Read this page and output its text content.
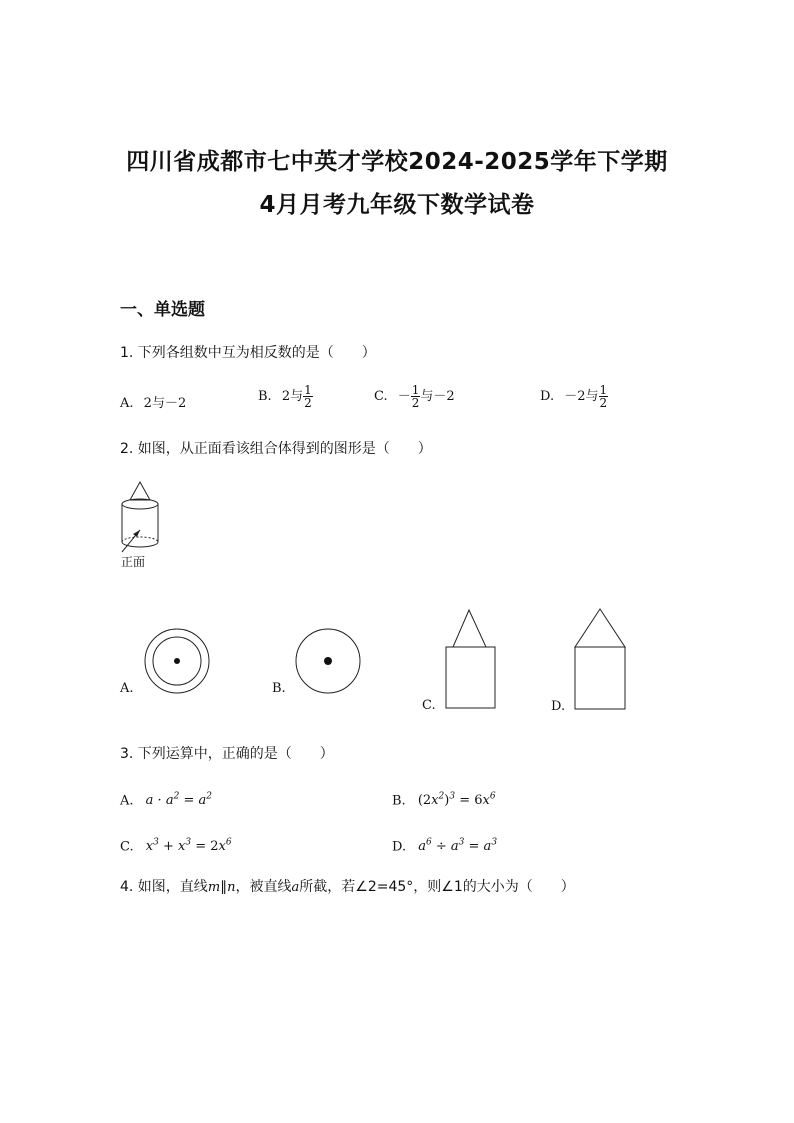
四川省成都市七中英才学校2024-2025学年下学期
4月月考九年级下数学试卷
一、单选题
1. 下列各组数中互为相反数的是（　　）
A. 2与－2	B. 2与 $\frac{1}{2}$	C. － $\frac{1}{2}$ 与－2	D. －2与 $\frac{1}{2}$
2. 如图，从正面看该组合体得到的图形是（　　）
正面
A.	B.
C.	D.
3. 下列运算中，正确的是（　　）
A. $a \cdot a^2 = a^2$	B. $(2x^2)^3 = 6x^6$
C. $x^3 + x^3 = 2x^6$	D. $a^6 \div a^3 = a^3$
4. 如图，直线m∥n，被直线a所截，若∠2=45°，则∠1的大小为（　　）
